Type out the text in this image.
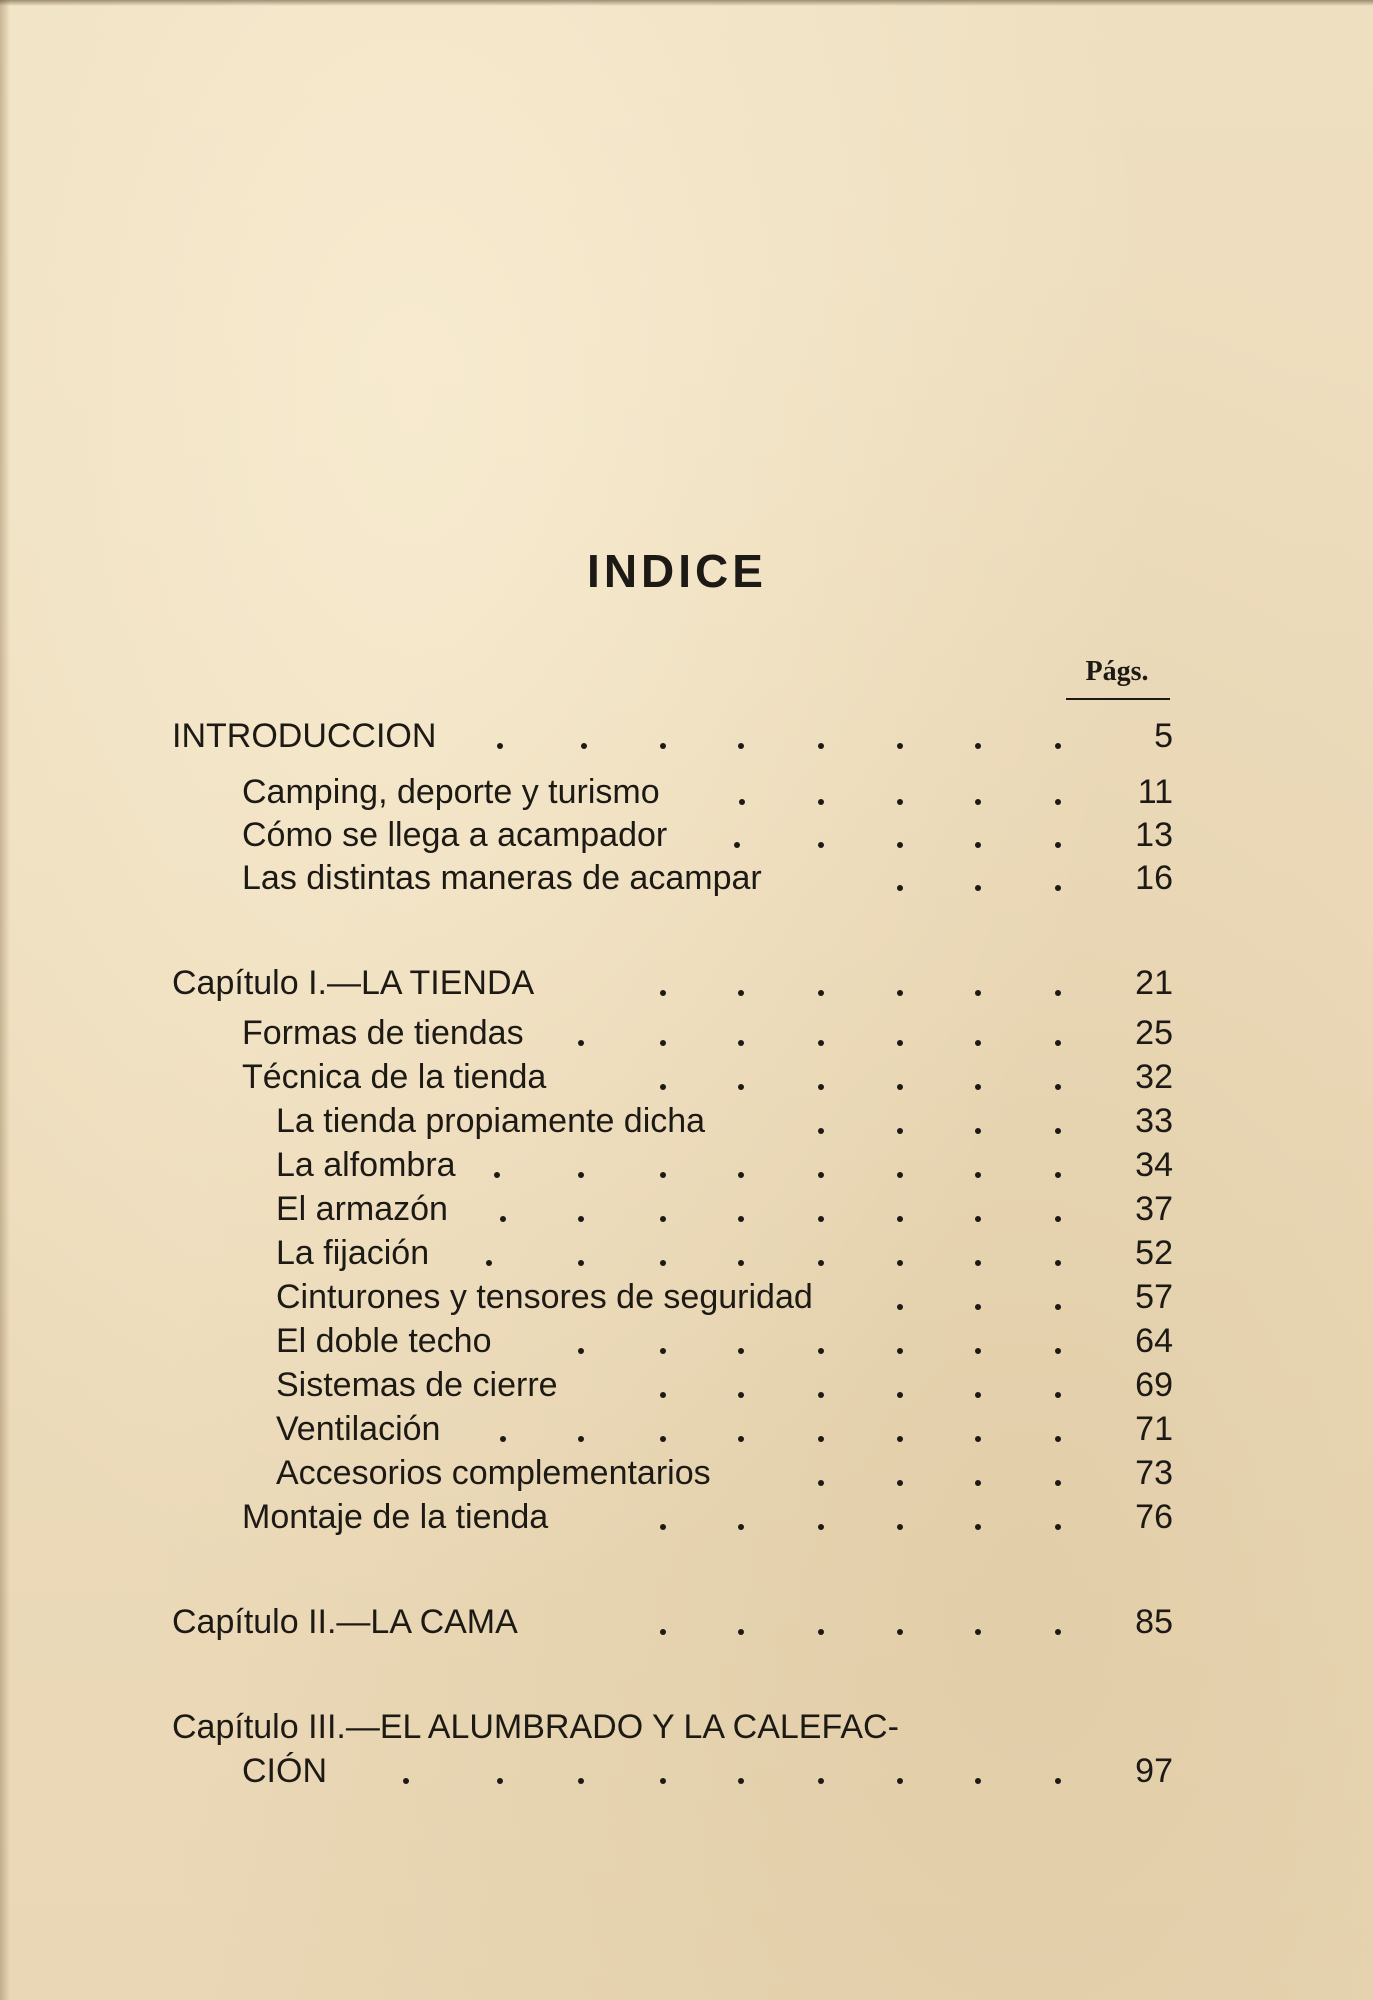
INDICE
Págs.
INTRODUCCION	5
Camping, deporte y turismo	11
Cómo se llega a acampador	13
Las distintas maneras de acampar	16
Capítulo I.—LA TIENDA	21
Formas de tiendas	25
Técnica de la tienda	32
La tienda propiamente dicha	33
La alfombra	34
El armazón	37
La fijación	52
Cinturones y tensores de seguridad	57
El doble techo	64
Sistemas de cierre	69
Ventilación	71
Accesorios complementarios	73
Montaje de la tienda	76
Capítulo II.—LA CAMA	85
Capítulo III.—EL ALUMBRADO Y LA CALEFAC-
CIÓN	97
